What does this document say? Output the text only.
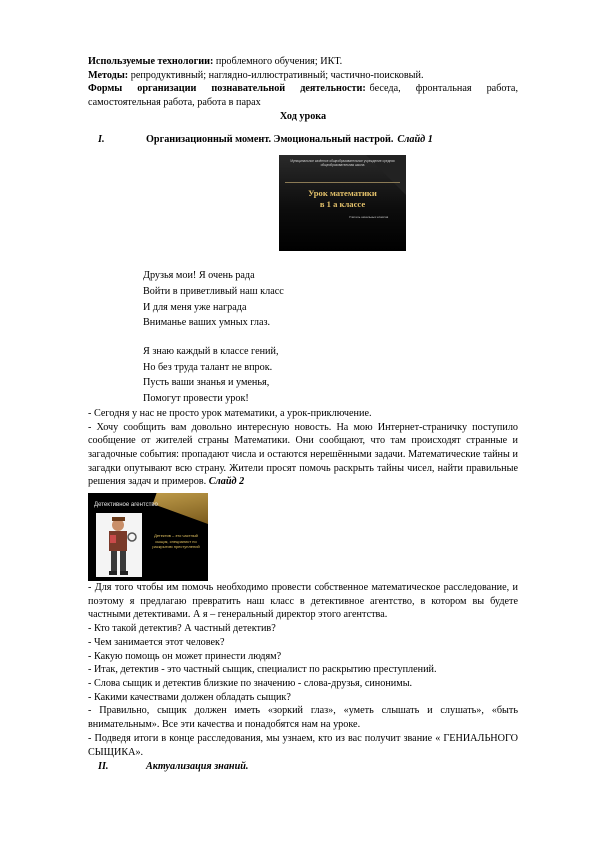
Используемые технологии: проблемного обучения; ИКТ.

Методы: репродуктивный; наглядно-иллюстративный; частично-поисковый.

Формы    организации    познавательной    деятельности: беседа,    фронтальная    работа,

самостоятельная работа, работа в парах

Ход урока

I.	Организационный момент. Эмоциональный настрой. Слайд 1
Муниципальное казённое общеобразовательное учреждение средняя общеобразовательная школа
Урок математики
в 1 а классе
Учитель начальных классов

Друзья мои! Я очень рада

Войти в приветливый наш класс

И для меня уже награда

Вниманье ваших умных глаз.

Я знаю каждый в классе гений,

Но без труда талант не впрок.

Пусть ваши знанья и уменья,

Помогут провести урок!

- Сегодня у нас не просто урок математики, а урок-приключение.

- Хочу сообщить вам довольно интересную новость. На мою Интернет-страничку поступило сообщение от жителей страны Математики. Они сообщают, что там происходят странные и загадочные события: пропадают числа и остаются нерешёнными задачи. Математические тайны и загадки опутывают всю страну. Жители просят помочь раскрыть тайны чисел, найти правильные решения задач и примеров. Слайд 2

Детективное агентство
Детектив – это частный сыщик, специалист по раскрытию преступлений

- Для того чтобы им помочь необходимо провести собственное математическое расследование, и поэтому я предлагаю превратить наш класс в детективное агентство, в котором вы будете частными детективами. А я – генеральный директор этого агентства.

- Кто такой детектив? А частный детектив?

- Чем занимается этот человек?

- Какую помощь он может принести людям?

- Итак, детектив - это частный сыщик, специалист по раскрытию преступлений.

- Слова сыщик и детектив близкие по значению - слова-друзья, синонимы.

- Какими качествами должен обладать сыщик?

- Правильно, сыщик должен иметь «зоркий глаз», «уметь слышать и слушать», «быть внимательным». Все эти качества и понадобятся нам на уроке.

- Подведя итоги в конце расследования, мы узнаем, кто из вас получит звание « ГЕНИАЛЬНОГО СЫЩИКА».

II.	Актуализация знаний.
